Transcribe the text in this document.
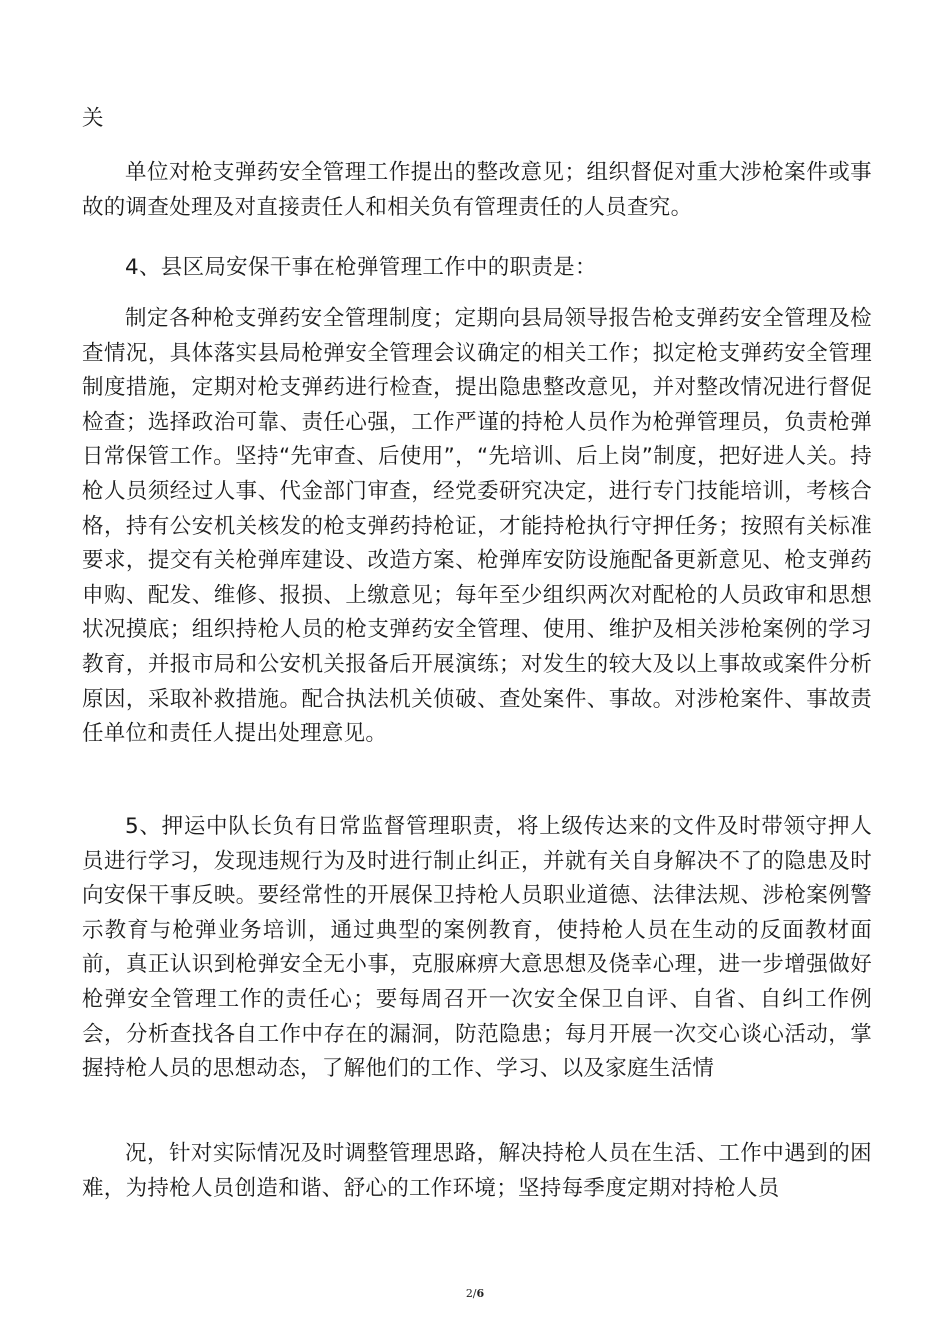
关

单位对枪支弹药安全管理工作提出的整改意见；组织督促对重大涉枪案件或事故的调查处理及对直接责任人和相关负有管理责任的人员查究。

4、县区局安保干事在枪弹管理工作中的职责是：

制定各种枪支弹药安全管理制度；定期向县局领导报告枪支弹药安全管理及检查情况，具体落实县局枪弹安全管理会议确定的相关工作；拟定枪支弹药安全管理制度措施，定期对枪支弹药进行检查，提出隐患整改意见，并对整改情况进行督促检查；选择政治可靠、责任心强，工作严谨的持枪人员作为枪弹管理员，负责枪弹日常保管工作。坚持“先审查、后使用”，“先培训、后上岗”制度，把好进人关。持枪人员须经过人事、代金部门审查，经党委研究决定，进行专门技能培训，考核合格，持有公安机关核发的枪支弹药持枪证，才能持枪执行守押任务；按照有关标准要求，提交有关枪弹库建设、改造方案、枪弹库安防设施配备更新意见、枪支弹药申购、配发、维修、报损、上缴意见；每年至少组织两次对配枪的人员政审和思想状况摸底；组织持枪人员的枪支弹药安全管理、使用、维护及相关涉枪案例的学习教育，并报市局和公安机关报备后开展演练；对发生的较大及以上事故或案件分析原因，采取补救措施。配合执法机关侦破、查处案件、事故。对涉枪案件、事故责任单位和责任人提出处理意见。

5、押运中队长负有日常监督管理职责，将上级传达来的文件及时带领守押人员进行学习，发现违规行为及时进行制止纠正，并就有关自身解决不了的隐患及时向安保干事反映。要经常性的开展保卫持枪人员职业道德、法律法规、涉枪案例警示教育与枪弹业务培训，通过典型的案例教育，使持枪人员在生动的反面教材面前，真正认识到枪弹安全无小事，克服麻痹大意思想及侥幸心理，进一步增强做好枪弹安全管理工作的责任心；要每周召开一次安全保卫自评、自省、自纠工作例会，分析查找各自工作中存在的漏洞，防范隐患；每月开展一次交心谈心活动，掌握持枪人员的思想动态，了解他们的工作、学习、以及家庭生活情

况，针对实际情况及时调整管理思路，解决持枪人员在生活、工作中遇到的困难，为持枪人员创造和谐、舒心的工作环境；坚持每季度定期对持枪人员

2/6
